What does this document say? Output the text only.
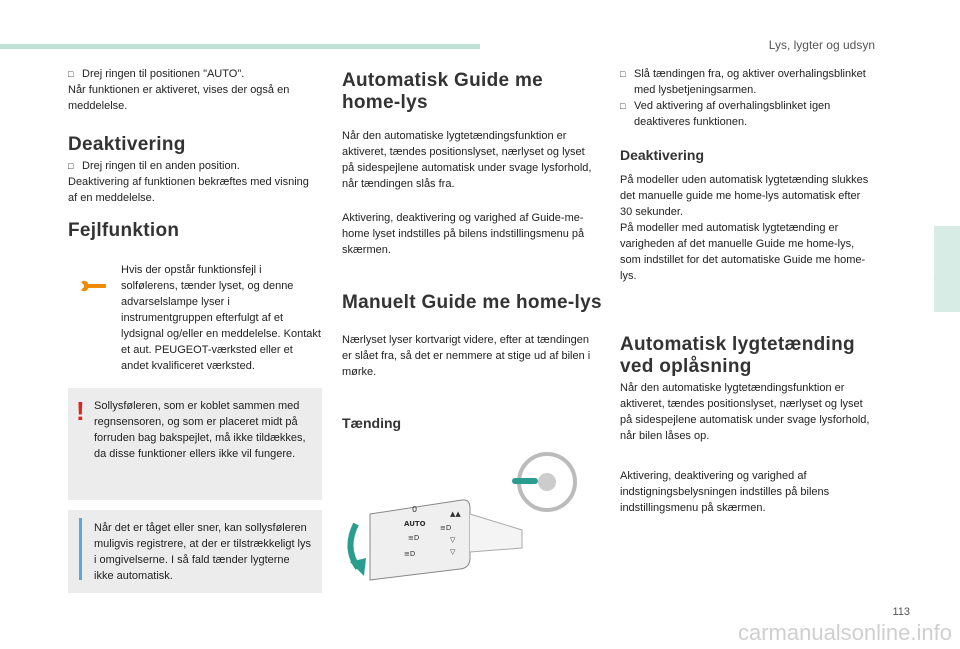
Lys, lygter og udsyn
4
□ Drej ringen til positionen "AUTO".
Når funktionen er aktiveret, vises der også en meddelelse.
Deaktivering
□ Drej ringen til en anden position.
Deaktivering af funktionen bekræftes med visning af en meddelelse.
Fejlfunktion
Hvis der opstår funktionsfejl i solfølerens, tænder lyset, og denne advarselslampe lyser i instrumentgruppen efterfulgt af et lydsignal og/eller en meddelelse. Kontakt et aut. PEUGEOT-værksted eller et andet kvalificeret værksted.
! Sollysføleren, som er koblet sammen med regnsensoren, og som er placeret midt på forruden bag bakspejlet, må ikke tildækkes, da disse funktioner ellers ikke vil fungere.
Når det er tåget eller sner, kan sollysføleren muligvis registrere, at der er tilstrækkeligt lys i omgivelserne. I så fald tænder lygterne ikke automatisk.
Automatisk Guide me home-lys
Når den automatiske lygtetændingsfunktion er aktiveret, tændes positionslyset, nærlyset og lyset på sidespejlene automatisk under svage lysforhold, når tændingen slås fra.
Aktivering, deaktivering og varighed af Guide-me-home lyset indstilles på bilens indstillingsmenu på skærmen.
Manuelt Guide me home-lys
Nærlyset lyser kortvarigt videre, efter at tændingen er slået fra, så det er nemmere at stige ud af bilen i mørke.
Tænding
0
AUTO
≡D
≡D
▲▲
≡D
▽
▽
□ Slå tændingen fra, og aktiver overhalingsblinket med lysbetjeningsarmen.
□ Ved aktivering af overhalingsblinket igen deaktiveres funktionen.
Deaktivering
På modeller uden automatisk lygtetænding slukkes det manuelle guide me home-lys automatisk efter 30 sekunder.
På modeller med automatisk lygtetænding er varigheden af det manuelle Guide me home-lys, som indstillet for det automatiske Guide me home-lys.
Automatisk lygtetænding ved oplåsning
Når den automatiske lygtetændingsfunktion er aktiveret, tændes positionslyset, nærlyset og lyset på sidespejlene automatisk under svage lysforhold, når bilen låses op.
Aktivering, deaktivering og varighed af indstigningsbelysningen indstilles på bilens indstillingsmenu på skærmen.
113
carmanualsonline.info
